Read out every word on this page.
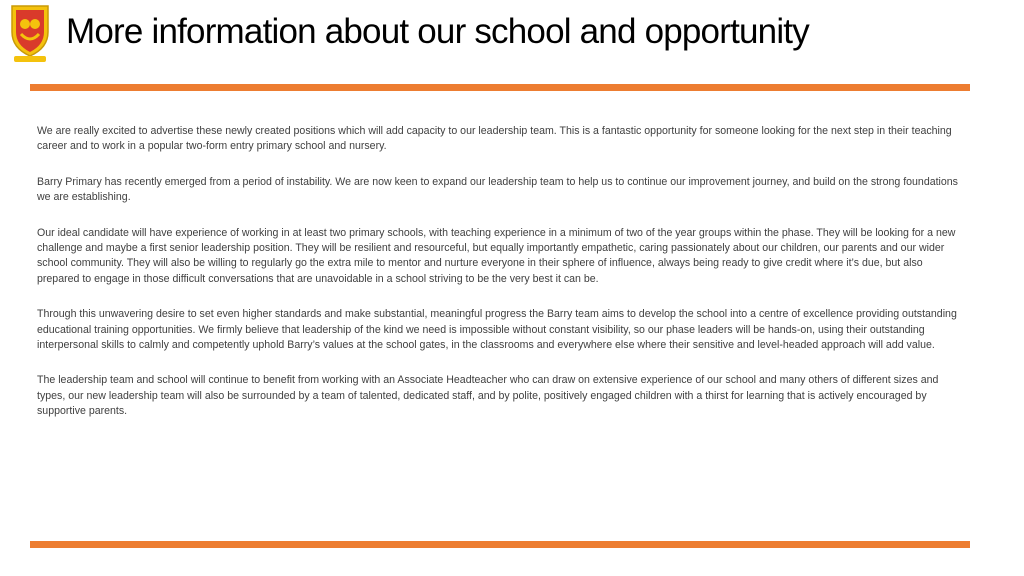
More information about our school and opportunity

We are really excited to advertise these newly created positions which will add capacity to our leadership team. This is a fantastic opportunity for someone looking for the next step in their teaching career and to work in a popular two-form entry primary school and nursery.

Barry Primary has recently emerged from a period of instability. We are now keen to expand our leadership team to help us to continue our improvement journey, and build on the strong foundations we are establishing.

Our ideal candidate will have experience of working in at least two primary schools, with teaching experience in a minimum of two of the year groups within the phase. They will be looking for a new challenge and maybe a first senior leadership position. They will be resilient and resourceful, but equally importantly empathetic, caring passionately about our children, our parents and our wider school community. They will also be willing to regularly go the extra mile to mentor and nurture everyone in their sphere of influence, always being ready to give credit where it’s due, but also prepared to engage in those difficult conversations that are unavoidable in a school striving to be the very best it can be.

Through this unwavering desire to set even higher standards and make substantial, meaningful progress the Barry team aims to develop the school into a centre of excellence providing outstanding educational training opportunities. We firmly believe that leadership of the kind we need is impossible without constant visibility, so our phase leaders will be hands-on, using their outstanding interpersonal skills to calmly and competently uphold Barry’s values at the school gates, in the classrooms and everywhere else where their sensitive and level-headed approach will add value.

The leadership team and school will continue to benefit from working with an Associate Headteacher who can draw on extensive experience of our school and many others of different sizes and types, our new leadership team will also be surrounded by a team of talented, dedicated staff, and by polite, positively engaged children with a thirst for learning that is actively encouraged by supportive parents.
